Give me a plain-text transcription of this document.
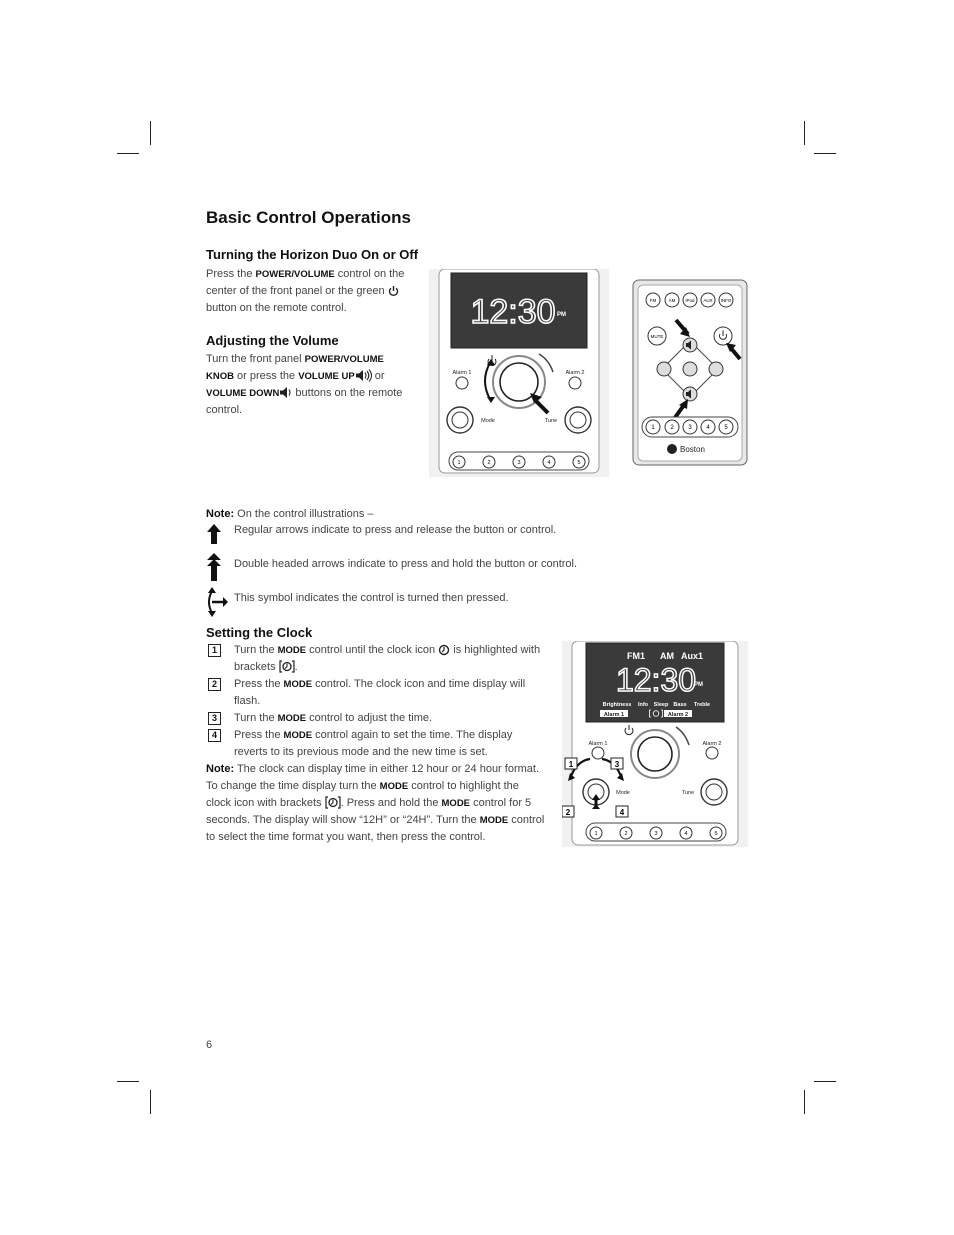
Basic Control Operations
Turning the Horizon Duo On or Off

Press the POWER/VOLUME control on the center of the front panel or the green  button on the remote control.

Adjusting the Volume

Turn the front panel POWER/VOLUME KNOB or press the VOLUME UP or VOLUME DOWN buttons on the remote control.

12:30 PM
Alarm 1	Alarm 2
Mode	Tune
1	2	3	4	5
FM	AM iPod AUX INFO
MUTE
1	2 3 4 5
Boston

Note: On the control illustrations –

Regular arrows indicate to press and release the button or control.
Double headed arrows indicate to press and hold the button or control.
This symbol indicates the control is turned then pressed.
Setting the Clock
1	Turn the MODE control until the clock icon  is highlighted with brackets .
2	Press the MODE control. The clock icon and time display will flash.
3	Turn the MODE control to adjust the time.
4	Press the MODE control again to set the time. The display reverts to its previous mode and the new time is set.

Note: The clock can display time in either 12 hour or 24 hour format. To change the time display turn the MODE control to highlight the clock icon with brackets . Press and hold the MODE control for 5 seconds. The display will show “12H” or “24H”. Turn the MODE control to select the time format you want, then press the control.

FM1 AM Aux1
12:30
PM
Brightness Info Sleep Bass Treble
Alarm 1	Alarm 2
Alarm 1	Alarm 2
Mode	Tune
1	3
2	4
1	2	3	4	5
6
